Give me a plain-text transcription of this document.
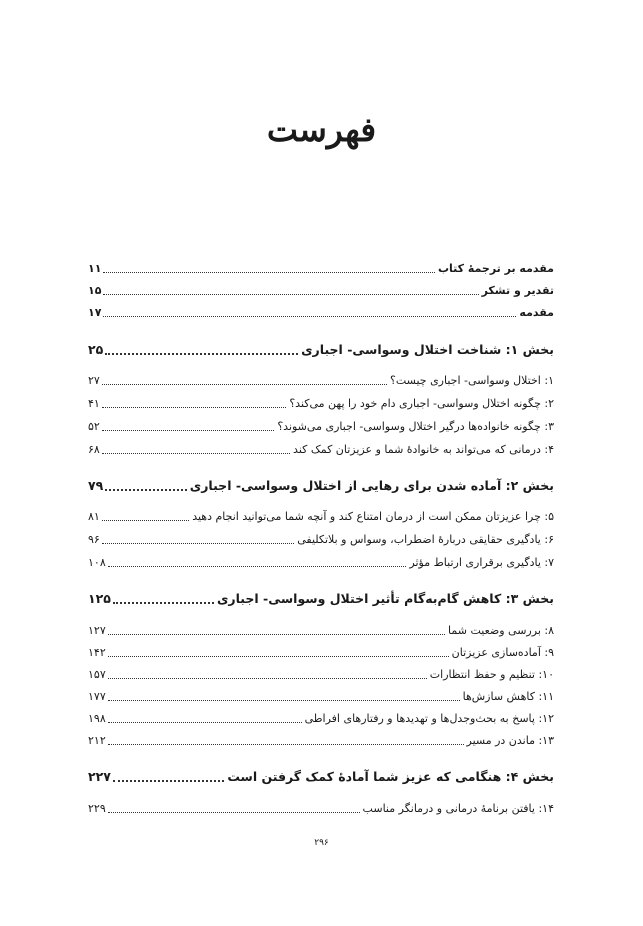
فهرست
مقدمه بر ترجمۀ کتاب
۱۱
تقدیر و تشکر
۱۵
مقدمه
۱۷
بخش ۱: شناخت اختلال وسواسی- اجباری
۲۵
۱: اختلال وسواسی- اجباری چیست؟
۲۷
۲: چگونه اختلال وسواسی- اجباری دام خود را پهن می‌کند؟
۴۱
۳: چگونه خانواده‌ها درگیر اختلال وسواسی- اجباری می‌شوند؟
۵۲
۴: درمانی که می‌تواند به خانوادۀ شما و عزیزتان کمک کند
۶۸
بخش ۲: آماده شدن برای رهایی از اختلال وسواسی- اجباری
۷۹
۵: چرا عزیزتان ممکن است از درمان امتناع کند و آنچه شما می‌توانید انجام دهید
۸۱
۶: یادگیری حقایقی دربارۀ اضطراب، وسواس و بلاتکلیفی
۹۶
۷: یادگیری برقراری ارتباط مؤثر
۱۰۸
بخش ۳: کاهش گام‌به‌گام تأثیر اختلال وسواسی- اجباری
۱۲۵
۸: بررسی وضعیت شما
۱۲۷
۹: آماده‌سازی عزیزتان
۱۴۲
۱۰: تنظیم و حفظ انتظارات
۱۵۷
۱۱: کاهش سازش‌ها
۱۷۷
۱۲: پاسخ به بحث‌وجدل‌ها و تهدیدها و رفتارهای افراطی
۱۹۸
۱۳: ماندن در مسیر
۲۱۲
بخش ۴: هنگامی که عزیز شما آمادۀ کمک گرفتن است
۲۲۷
۱۴: یافتن برنامۀ درمانی و درمانگر مناسب
۲۲۹
۲۹۶
